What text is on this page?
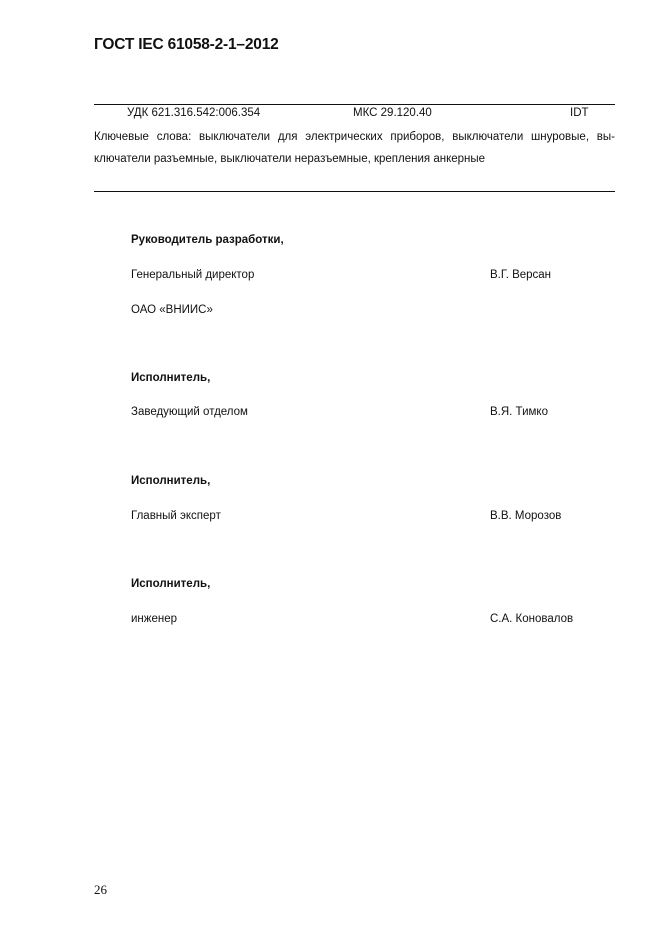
ГОСТ IEC 61058-2-1–2012
УДК 621.316.542:006.354	МКС 29.120.40	IDT
Ключевые слова: выключатели для электрических приборов, выключатели шнуровые, вы-
ключатели разъемные, выключатели неразъемные, крепления анкерные
Руководитель разработки,
Генеральный директор	В.Г. Версан
ОАО «ВНИИС»
Исполнитель,
Заведующий отделом	В.Я. Тимко
Исполнитель,
Главный эксперт	В.В. Морозов
Исполнитель,
инженер	С.А. Коновалов
26
